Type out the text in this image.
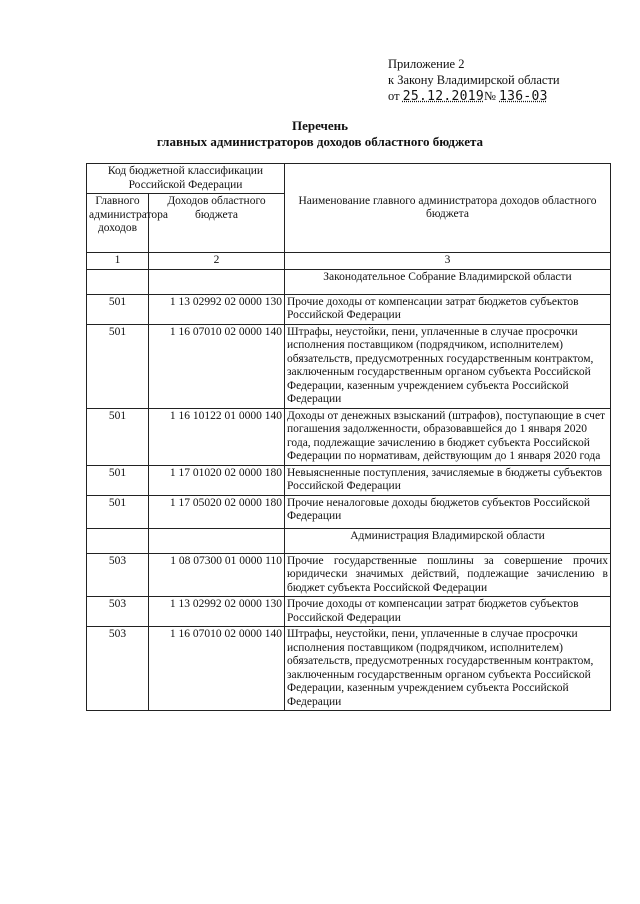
Приложение 2
к Закону Владимирской области
от 25.12.2019№ 136-03
Перечень
главных администраторов доходов областного бюджета
Код бюджетной классификации Российской Федерации		Наименование главного администратора доходов областного бюджета
Главного администратора доходов	Доходов областного бюджета	
1	2	3
		Законодательное Собрание Владимирской области
501	1 13 02992 02 0000 130	Прочие доходы от компенсации затрат бюджетов субъектов Российской Федерации
501	1 16 07010 02 0000 140	Штрафы, неустойки, пени, уплаченные в случае просрочки исполнения поставщиком (подрядчиком, исполнителем) обязательств, предусмотренных государственным контрактом, заключенным государственным органом субъекта Российской Федерации, казенным учреждением субъекта Российской Федерации
501	1 16 10122 01 0000 140	Доходы от денежных взысканий (штрафов), поступающие в счет погашения задолженности, образовавшейся до 1 января 2020 года, подлежащие зачислению в бюджет субъекта Российской Федерации по нормативам, действующим до 1 января 2020 года
501	1 17 01020 02 0000 180	Невыясненные поступления, зачисляемые в бюджеты субъектов Российской Федерации
501	1 17 05020 02 0000 180	Прочие неналоговые доходы бюджетов субъектов Российской Федерации
		Администрация Владимирской области
503	1 08 07300 01 0000 110	Прочие государственные пошлины за совершение прочих юридически значимых действий, подлежащие зачислению в бюджет субъекта Российской Федерации
503	1 13 02992 02 0000 130	Прочие доходы от компенсации затрат бюджетов субъектов Российской Федерации
503	1 16 07010 02 0000 140	Штрафы, неустойки, пени, уплаченные в случае просрочки исполнения поставщиком (подрядчиком, исполнителем) обязательств, предусмотренных государственным контрактом, заключенным государственным органом субъекта Российской Федерации, казенным учреждением субъекта Российской Федерации
